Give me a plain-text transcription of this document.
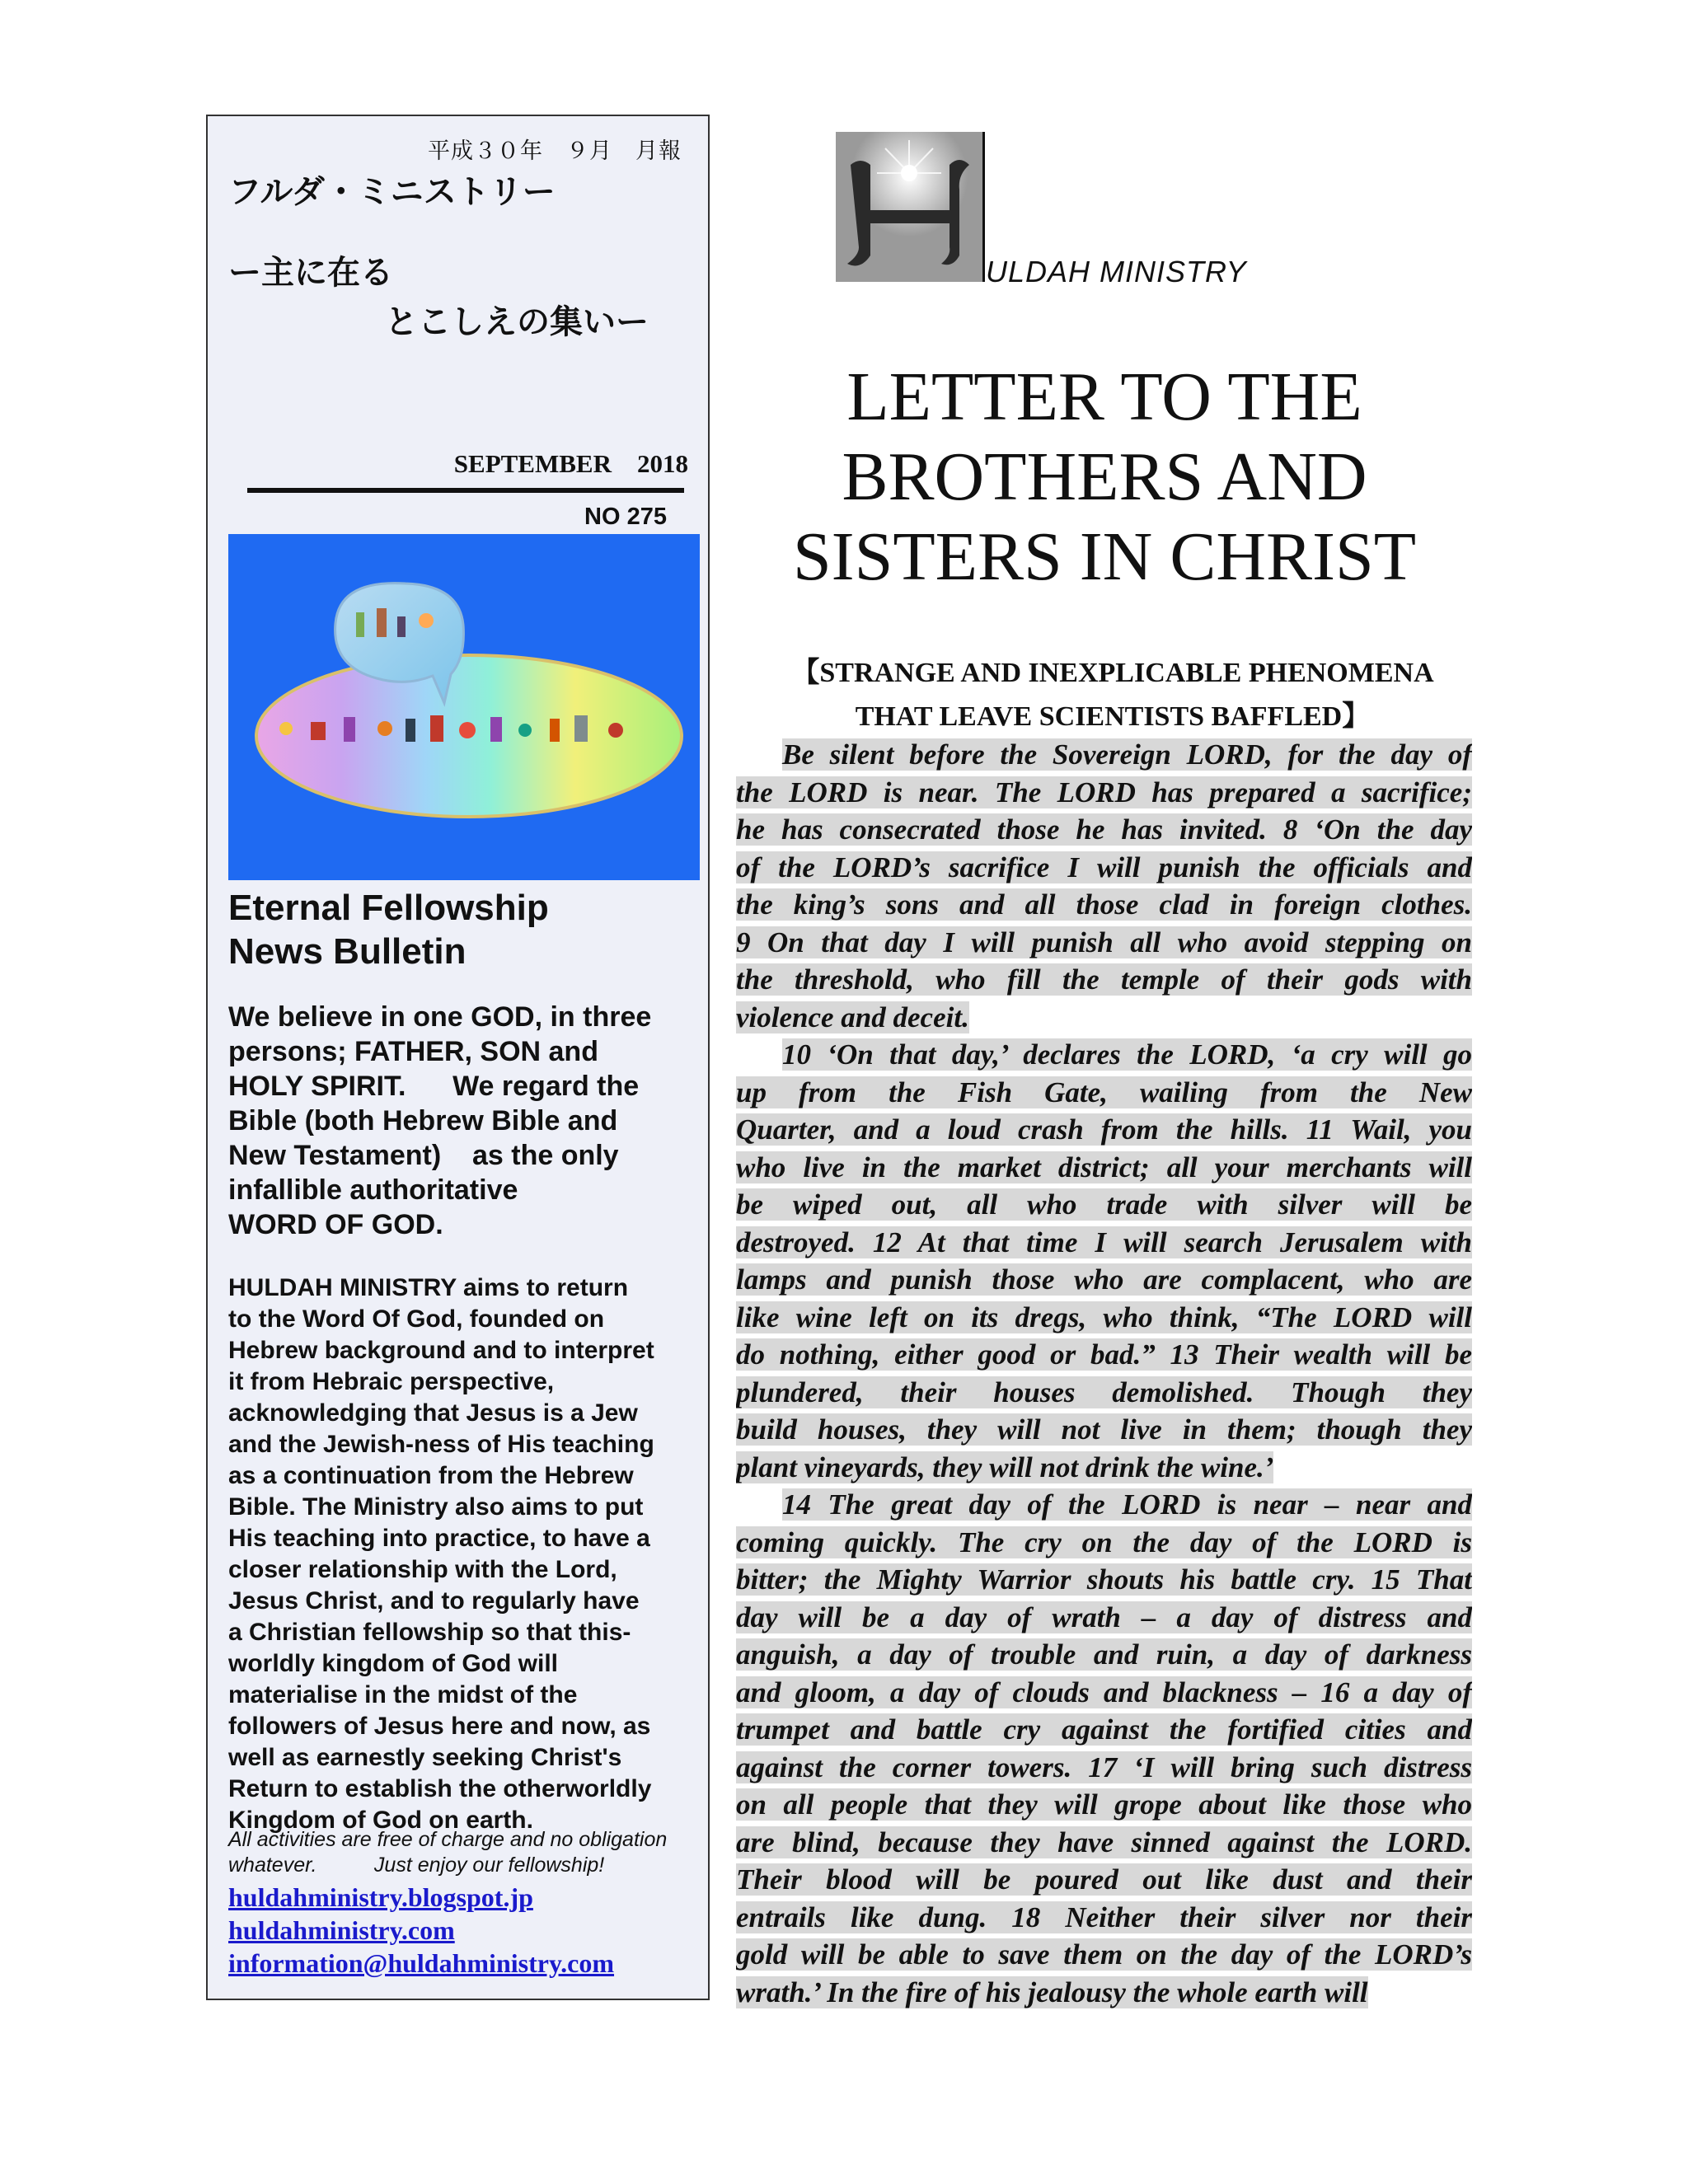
平成３０年　９月　月報
フルダ・ミニストリー
ー主に在る
とこしえの集いー
SEPTEMBER　2018
NO 275
Eternal Fellowship
News Bulletin
We believe in one GOD, in three
persons; FATHER, SON and
HOLY SPIRIT.      We regard the
Bible (both Hebrew Bible and
New Testament)    as the only
infallible authoritative
WORD OF GOD.
HULDAH MINISTRY aims to return
to the Word Of God, founded on
Hebrew background and to interpret
it from Hebraic perspective,
acknowledging that Jesus is a Jew
and the Jewish-ness of His teaching
as a continuation from the Hebrew
Bible. The Ministry also aims to put
His teaching into practice, to have a
closer relationship with the Lord,
Jesus Christ, and to regularly have
a Christian fellowship so that this-
worldly kingdom of God will
materialise in the midst of the
followers of Jesus here and now, as
well as earnestly seeking Christ's
Return to establish the otherworldly
Kingdom of God on earth.
All activities are free of charge and no obligation
whatever.          Just enjoy our fellowship!
huldahministry.blogspot.jp
huldahministry.com
information@huldahministry.com
ULDAH MINISTRY
LETTER TO THE
BROTHERS AND
SISTERS IN CHRIST
【STRANGE AND INEXPLICABLE PHENOMENA
THAT LEAVE SCIENTISTS BAFFLED】
Be silent before the Sovereign LORD, for the day of
the LORD is near. The LORD has prepared a sacrifice;
he has consecrated those he has invited. 8 ‘On the day
of the LORD’s sacrifice I will punish the officials and
the king’s sons and all those clad in foreign clothes.
9 On that day I will punish all who avoid stepping on
the threshold, who fill the temple of their gods with
violence and deceit.
10 ‘On that day,’ declares the LORD, ‘a cry will go
up from the Fish Gate, wailing from the New
Quarter, and a loud crash from the hills. 11 Wail, you
who live in the market district; all your merchants will
be wiped out, all who trade with silver will be
destroyed. 12 At that time I will search Jerusalem with
lamps and punish those who are complacent, who are
like wine left on its dregs, who think, “The LORD will
do nothing, either good or bad.” 13 Their wealth will be
plundered, their houses demolished. Though they
build houses, they will not live in them; though they
plant vineyards, they will not drink the wine.’
14 The great day of the LORD is near – near and
coming quickly. The cry on the day of the LORD is
bitter; the Mighty Warrior shouts his battle cry. 15 That
day will be a day of wrath – a day of distress and
anguish, a day of trouble and ruin, a day of darkness
and gloom, a day of clouds and blackness – 16 a day of
trumpet and battle cry against the fortified cities and
against the corner towers. 17 ‘I will bring such distress
on all people that they will grope about like those who
are blind, because they have sinned against the LORD.
Their blood will be poured out like dust and their
entrails like dung. 18 Neither their silver nor their
gold will be able to save them on the day of the LORD’s
wrath.’ In the fire of his jealousy the whole earth will
